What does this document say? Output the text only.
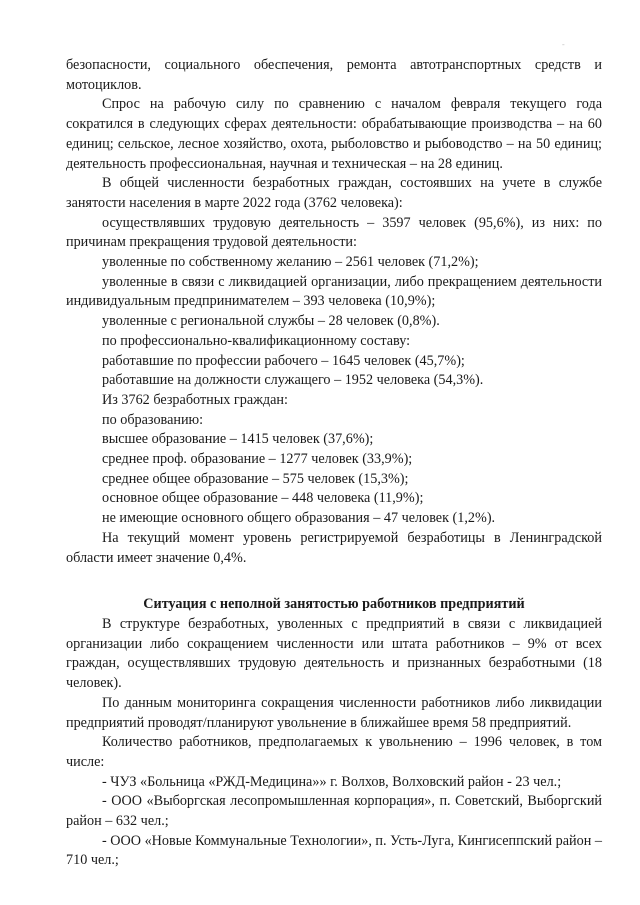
-

безопасности, социального обеспечения, ремонта автотранспортных средств и мотоциклов.

Спрос на рабочую силу по сравнению с началом февраля текущего года сократился в следующих сферах деятельности: обрабатывающие производства – на 60 единиц; сельское, лесное хозяйство, охота, рыболовство и рыбоводство – на 50 единиц; деятельность профессиональная, научная и техническая – на 28 единиц.

В общей численности безработных граждан, состоявших на учете в службе занятости населения в марте 2022 года (3762 человека):

осуществлявших трудовую деятельность – 3597 человек (95,6%), из них: по причинам прекращения трудовой деятельности:

уволенные по собственному желанию – 2561 человек (71,2%);

уволенные в связи с ликвидацией организации, либо прекращением деятельности индивидуальным предпринимателем – 393 человека (10,9%);

уволенные с региональной службы – 28 человек (0,8%).

по профессионально-квалификационному составу:

работавшие по профессии рабочего – 1645 человек (45,7%);

работавшие на должности служащего – 1952 человека (54,3%).

Из 3762 безработных граждан:

по образованию:

высшее образование – 1415 человек (37,6%);

среднее проф. образование – 1277 человек (33,9%);

среднее общее образование – 575 человек (15,3%);

основное общее образование – 448 человека (11,9%);

не имеющие основного общего образования – 47 человек (1,2%).

На текущий момент уровень регистрируемой безработицы в Ленинградской области имеет значение 0,4%.

Ситуация с неполной занятостью работников предприятий

В структуре безработных, уволенных с предприятий в связи с ликвидацией организации либо сокращением численности или штата работников – 9% от всех граждан, осуществлявших трудовую деятельность и признанных безработными (18 человек).

По данным мониторинга сокращения численности работников либо ликвидации предприятий проводят/планируют увольнение в ближайшее время 58 предприятий.

Количество работников, предполагаемых к увольнению – 1996 человек, в том числе:

- ЧУЗ «Больница «РЖД-Медицина»» г. Волхов, Волховский район - 23 чел.;

- ООО «Выборгская лесопромышленная корпорация», п. Советский, Выборгский район – 632 чел.;

- ООО «Новые Коммунальные Технологии», п. Усть-Луга, Кингисеппский район – 710 чел.;
